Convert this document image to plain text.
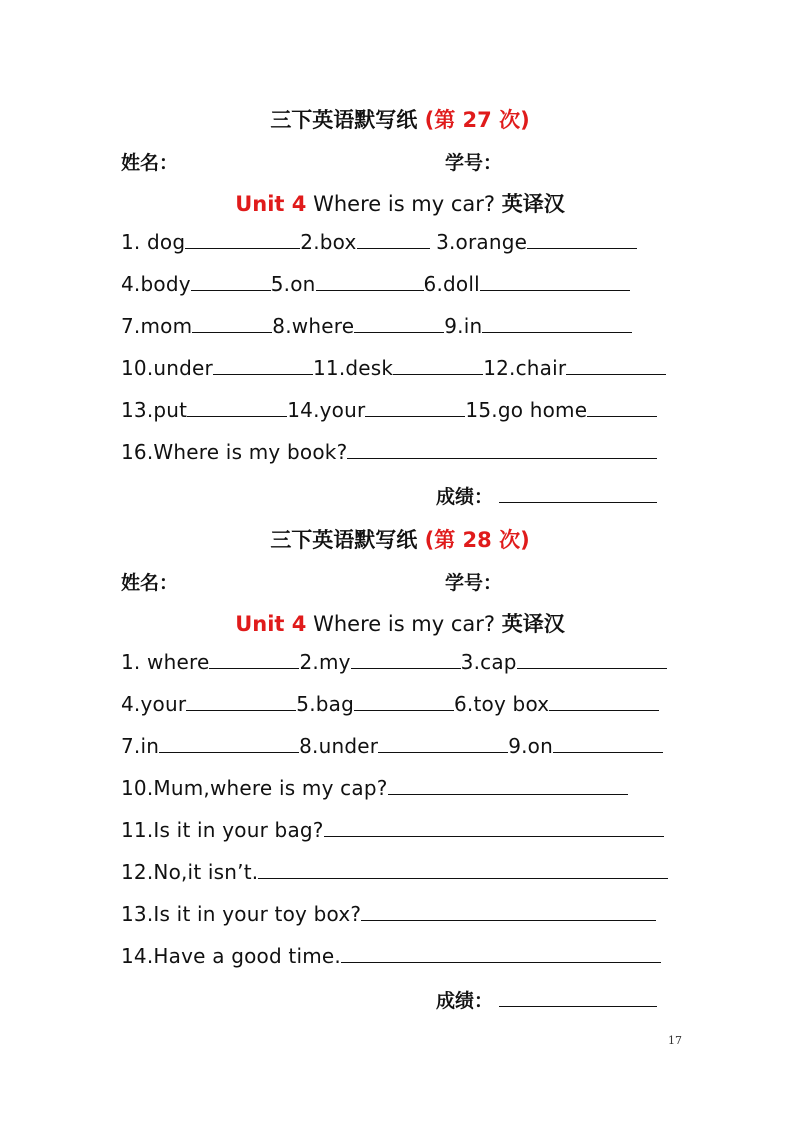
三下英语默写纸 (第 27 次)
姓名：	学号：
Unit 4 Where is my car? 英译汉
1. dog	2.box	3.orange
4.body	5.on	6.doll
7.mom	8.where	9.in
10.under	11.desk	12.chair
13.put	14.your	15.go home
16.Where is my book?
成绩：
三下英语默写纸 (第 28 次)
姓名：	学号：
Unit 4 Where is my car? 英译汉
1. where	2.my	3.cap
4.your	5.bag	6.toy box
7.in	8.under	9.on
10.Mum,where is my cap?
11.Is it in your bag?
12.No,it isn’t.
13.Is it in your toy box?
14.Have a good time.
成绩：
17
